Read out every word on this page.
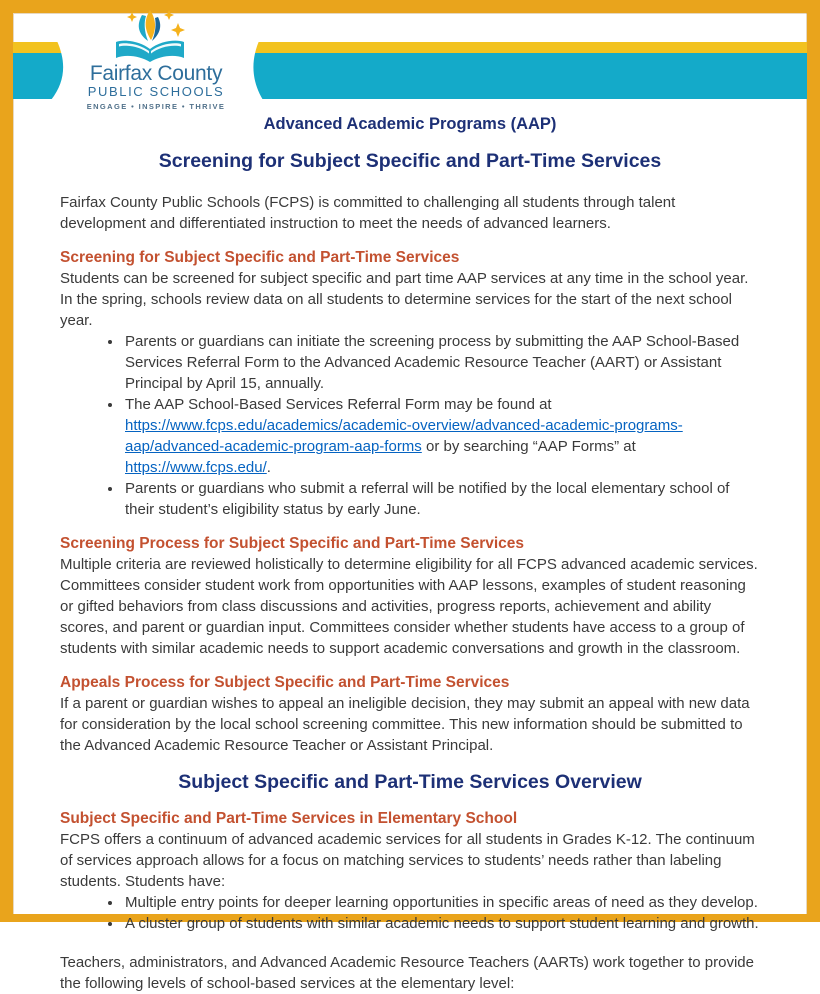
Fairfax County
PUBLIC SCHOOLS
ENGAGE • INSPIRE • THRIVE
Advanced Academic Programs (AAP)
Screening for Subject Specific and Part-Time Services

Fairfax County Public Schools (FCPS) is committed to challenging all students through talent development and differentiated instruction to meet the needs of advanced learners.

Screening for Subject Specific and Part-Time Services

Students can be screened for subject specific and part time AAP services at any time in the school year. In the spring, schools review data on all students to determine services for the start of the next school year.

• Parents or guardians can initiate the screening process by submitting the AAP School-Based Services Referral Form to the Advanced Academic Resource Teacher (AART) or Assistant Principal by April 15, annually.
• The AAP School-Based Services Referral Form may be found at https://www.fcps.edu/academics/academic-overview/advanced-academic-programs-aap/advanced-academic-program-aap-forms or by searching “AAP Forms” at https://www.fcps.edu/.
• Parents or guardians who submit a referral will be notified by the local elementary school of their student’s eligibility status by early June.
Screening Process for Subject Specific and Part-Time Services

Multiple criteria are reviewed holistically to determine eligibility for all FCPS advanced academic services. Committees consider student work from opportunities with AAP lessons, examples of student reasoning or gifted behaviors from class discussions and activities, progress reports, achievement and ability scores, and parent or guardian input. Committees consider whether students have access to a group of students with similar academic needs to support academic conversations and growth in the classroom.

Appeals Process for Subject Specific and Part-Time Services

If a parent or guardian wishes to appeal an ineligible decision, they may submit an appeal with new data for consideration by the local school screening committee. This new information should be submitted to the Advanced Academic Resource Teacher or Assistant Principal.

Subject Specific and Part-Time Services Overview
Subject Specific and Part-Time Services in Elementary School

FCPS offers a continuum of advanced academic services for all students in Grades K-12. The continuum of services approach allows for a focus on matching services to students’ needs rather than labeling students. Students have:

• Multiple entry points for deeper learning opportunities in specific areas of need as they develop.
• A cluster group of students with similar academic needs to support student learning and growth.

Teachers, administrators, and Advanced Academic Resource Teachers (AARTs) work together to provide the following levels of school-based services at the elementary level:
